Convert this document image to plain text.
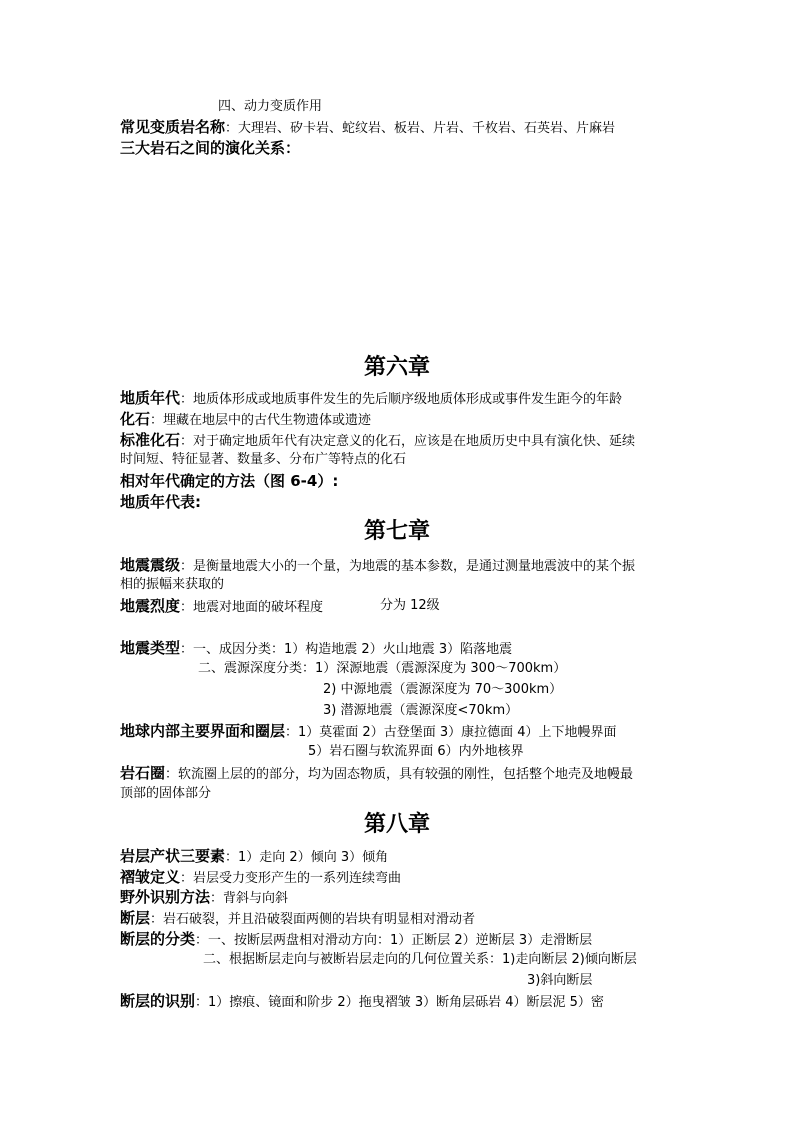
四、动力变质作用
常见变质岩名称：大理岩、矽卡岩、蛇纹岩、板岩、片岩、千枚岩、石英岩、片麻岩
三大岩石之间的演化关系：
第六章
地质年代：地质体形成或地质事件发生的先后顺序级地质体形成或事件发生距今的年龄
化石：埋藏在地层中的古代生物遗体或遗迹
标准化石：对于确定地质年代有决定意义的化石，应该是在地质历史中具有演化快、延续
时间短、特征显著、数量多、分布广等特点的化石
相对年代确定的方法（图 6-4）:
地质年代表:
第七章
地震震级：是衡量地震大小的一个量，为地震的基本参数，是通过测量地震波中的某个振
相的振幅来获取的
地震烈度：地震对地面的破坏程度	分为 12级
地震类型：一、成因分类：1）构造地震 2）火山地震 3）陷落地震
二、震源深度分类：1）深源地震（震源深度为 300～700km）
2) 中源地震（震源深度为 70～300km）
3) 潜源地震（震源深度<70km）
地球内部主要界面和圈层：1）莫霍面 2）古登堡面 3）康拉德面 4）上下地幔界面
5）岩石圈与软流界面 6）内外地核界
岩石圈：软流圈上层的的部分，均为固态物质，具有较强的刚性，包括整个地壳及地幔最
顶部的固体部分
第八章
岩层产状三要素：1）走向 2）倾向 3）倾角
褶皱定义：岩层受力变形产生的一系列连续弯曲
野外识别方法：背斜与向斜
断层：岩石破裂，并且沿破裂面两侧的岩块有明显相对滑动者
断层的分类：一、按断层两盘相对滑动方向：1）正断层 2）逆断层 3）走滑断层
二、根据断层走向与被断岩层走向的几何位置关系：1)走向断层 2)倾向断层
3)斜向断层
断层的识别：1）擦痕、镜面和阶步 2）拖曳褶皱 3）断角层砾岩 4）断层泥 5）密
